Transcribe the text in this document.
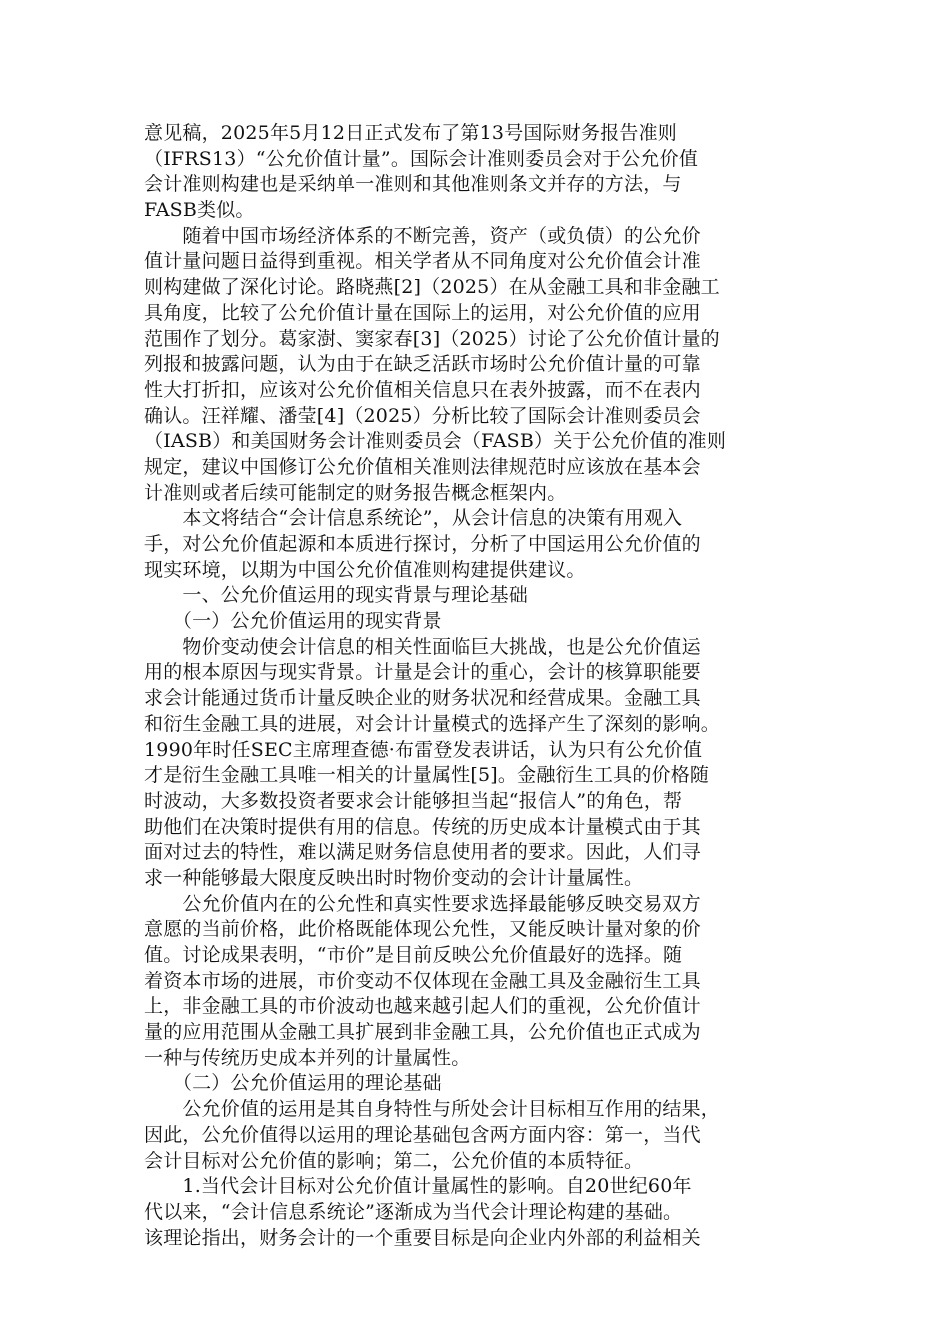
意见稿，2025年5月12日正式发布了第13号国际财务报告准则
（IFRS13）“公允价值计量”。国际会计准则委员会对于公允价值
会计准则构建也是采纳单一准则和其他准则条文并存的方法，与
FASB类似。
　　随着中国市场经济体系的不断完善，资产（或负债）的公允价
值计量问题日益得到重视。相关学者从不同角度对公允价值会计准
则构建做了深化讨论。路晓燕[2]（2025）在从金融工具和非金融工
具角度，比较了公允价值计量在国际上的运用，对公允价值的应用
范围作了划分。葛家澍、窦家春[3]（2025）讨论了公允价值计量的
列报和披露问题，认为由于在缺乏活跃市场时公允价值计量的可靠
性大打折扣，应该对公允价值相关信息只在表外披露，而不在表内
确认。汪祥耀、潘莹[4]（2025）分析比较了国际会计准则委员会
（IASB）和美国财务会计准则委员会（FASB）关于公允价值的准则
规定，建议中国修订公允价值相关准则法律规范时应该放在基本会
计准则或者后续可能制定的财务报告概念框架内。
　　本文将结合“会计信息系统论”，从会计信息的决策有用观入
手，对公允价值起源和本质进行探讨，分析了中国运用公允价值的
现实环境，以期为中国公允价值准则构建提供建议。
　　一、公允价值运用的现实背景与理论基础
　　（一）公允价值运用的现实背景
　　物价变动使会计信息的相关性面临巨大挑战，也是公允价值运
用的根本原因与现实背景。计量是会计的重心，会计的核算职能要
求会计能通过货币计量反映企业的财务状况和经营成果。金融工具
和衍生金融工具的进展，对会计计量模式的选择产生了深刻的影响。
1990年时任SEC主席理查德·布雷登发表讲话，认为只有公允价值
才是衍生金融工具唯一相关的计量属性[5]。金融衍生工具的价格随
时波动，大多数投资者要求会计能够担当起“报信人”的角色，帮
助他们在决策时提供有用的信息。传统的历史成本计量模式由于其
面对过去的特性，难以满足财务信息使用者的要求。因此，人们寻
求一种能够最大限度反映出时时物价变动的会计计量属性。
　　公允价值内在的公允性和真实性要求选择最能够反映交易双方
意愿的当前价格，此价格既能体现公允性，又能反映计量对象的价
值。讨论成果表明，“市价”是目前反映公允价值最好的选择。随
着资本市场的进展，市价变动不仅体现在金融工具及金融衍生工具
上，非金融工具的市价波动也越来越引起人们的重视，公允价值计
量的应用范围从金融工具扩展到非金融工具，公允价值也正式成为
一种与传统历史成本并列的计量属性。
　　（二）公允价值运用的理论基础
　　公允价值的运用是其自身特性与所处会计目标相互作用的结果，
因此，公允价值得以运用的理论基础包含两方面内容：第一，当代
会计目标对公允价值的影响；第二，公允价值的本质特征。
　　1.当代会计目标对公允价值计量属性的影响。自20世纪60年
代以来，“会计信息系统论”逐渐成为当代会计理论构建的基础。
该理论指出，财务会计的一个重要目标是向企业内外部的利益相关
